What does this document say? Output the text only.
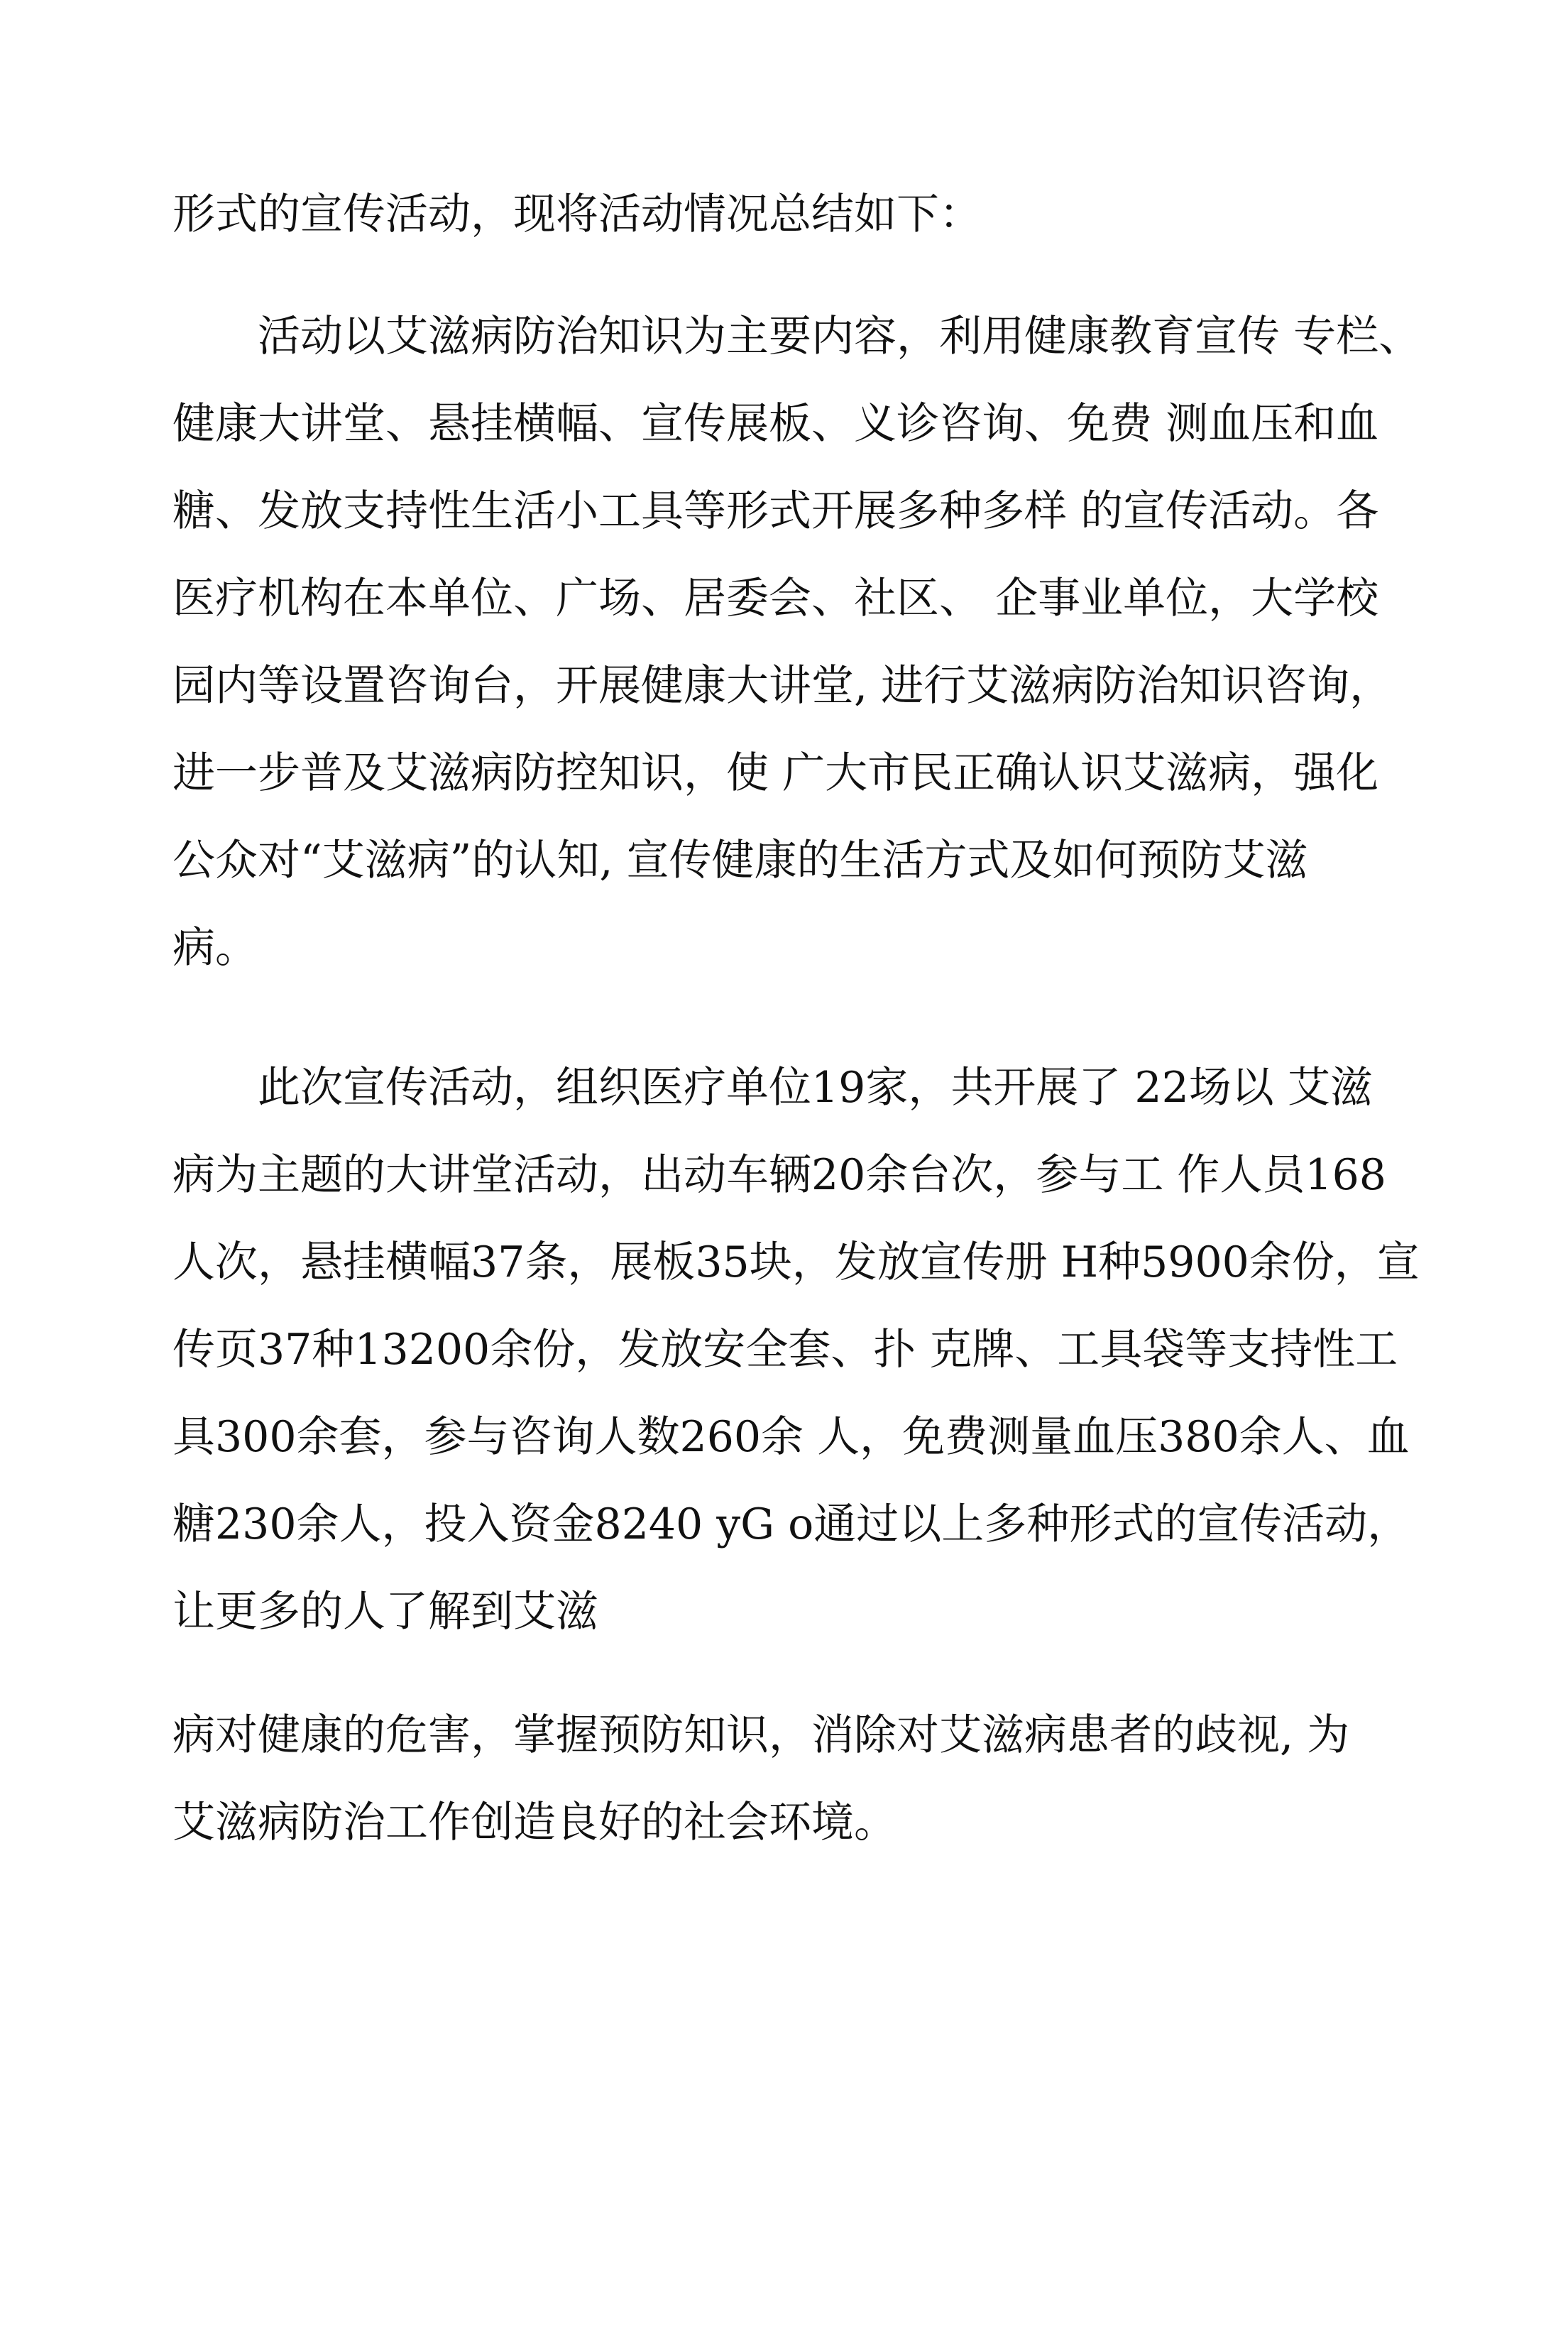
形式的宣传活动，现将活动情况总结如下：

　　活动以艾滋病防治知识为主要内容，利用健康教育宣传 专栏、

健康大讲堂、悬挂横幅、宣传展板、义诊咨询、免费 测血压和血

糖、发放支持性生活小工具等形式开展多种多样 的宣传活动。各

医疗机构在本单位、广场、居委会、社区、 企事业单位，大学校

园内等设置咨询台，开展健康大讲堂, 进行艾滋病防治知识咨询，

进一步普及艾滋病防控知识，使 广大市民正确认识艾滋病，强化

公众对“艾滋病”的认知, 宣传健康的生活方式及如何预防艾滋

病。

　　此次宣传活动，组织医疗单位19家，共开展了 22场以 艾滋

病为主题的大讲堂活动，出动车辆20余台次，参与工 作人员168

人次，悬挂横幅37条，展板35块，发放宣传册 H种5900余份，宣

传页37种13200余份，发放安全套、扑 克牌、工具袋等支持性工

具300余套，参与咨询人数260余 人，免费测量血压380余人、血

糖230余人，投入资金8240 yG o通过以上多种形式的宣传活动，

让更多的人了解到艾滋

病对健康的危害，掌握预防知识，消除对艾滋病患者的歧视, 为

艾滋病防治工作创造良好的社会环境。
